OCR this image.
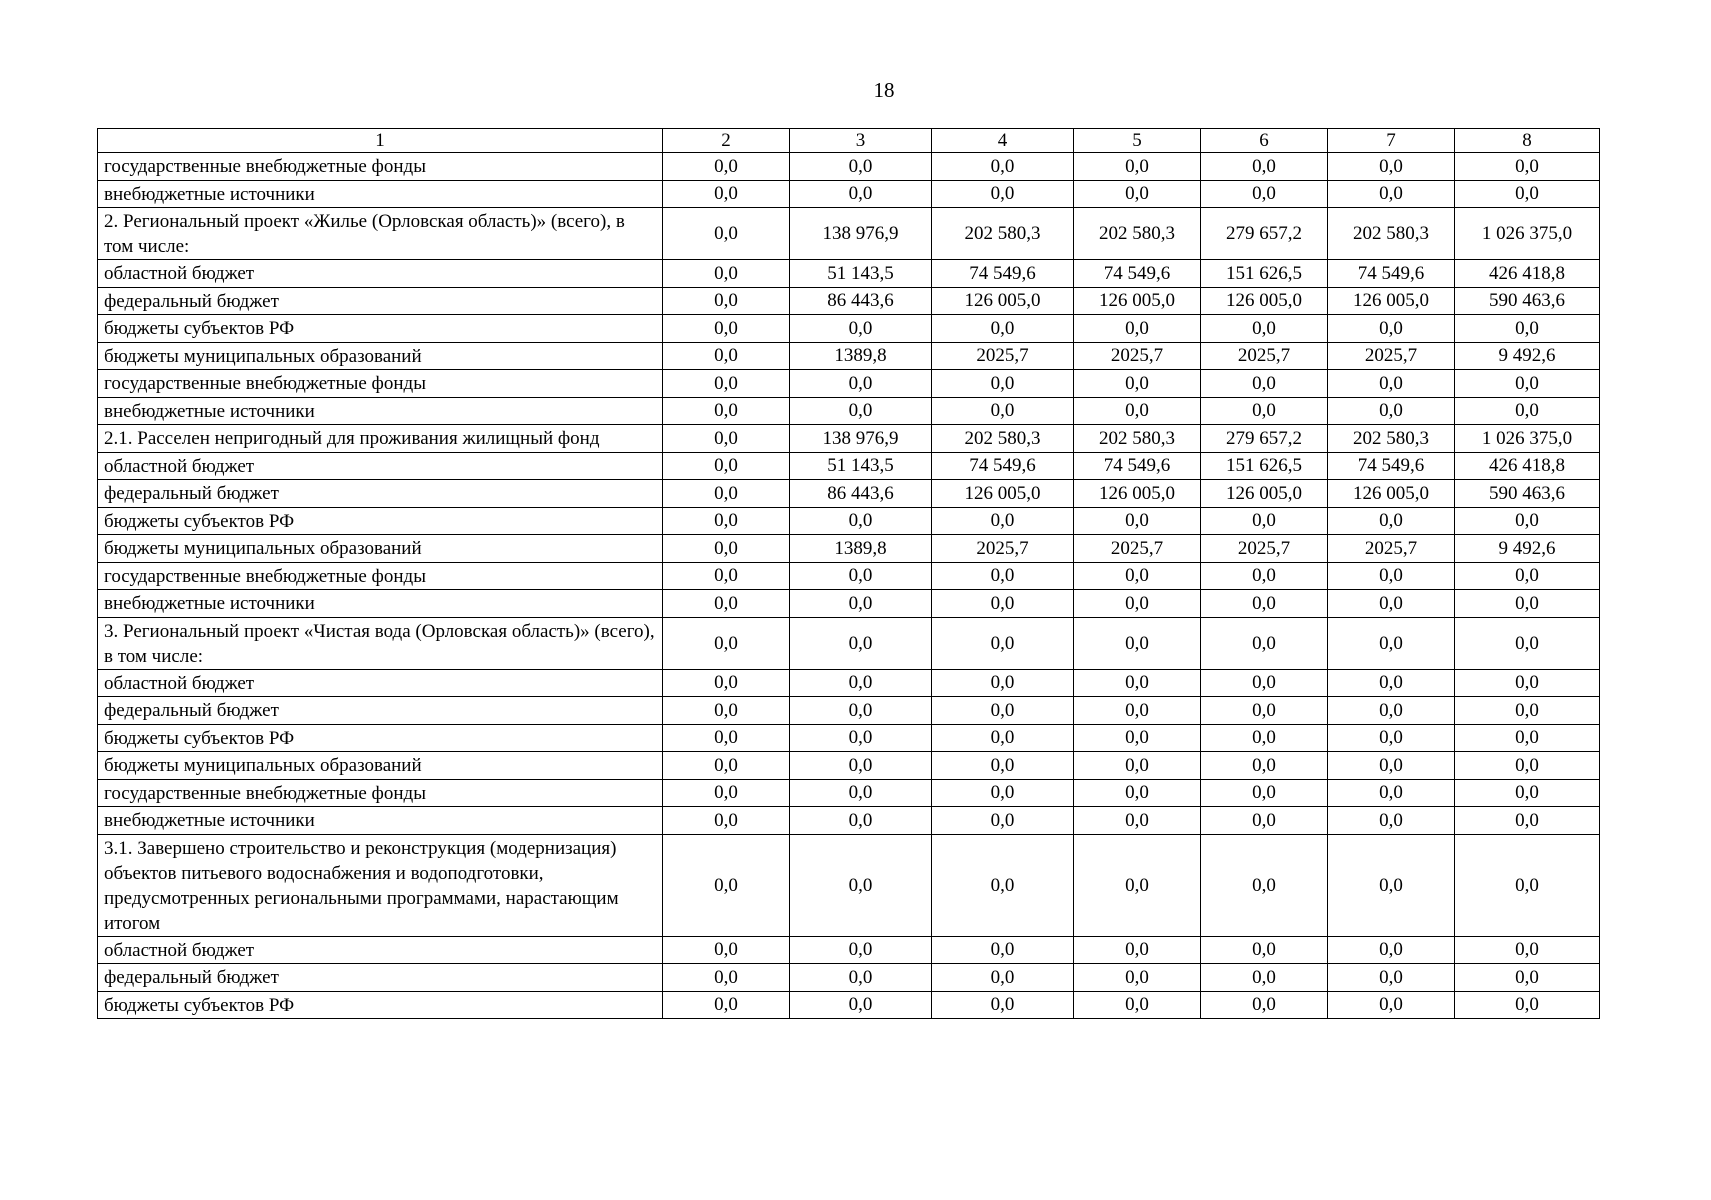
18
1	2	3	4	5	6	7	8
государственные внебюджетные фонды	0,0	0,0	0,0	0,0	0,0	0,0	0,0
внебюджетные источники	0,0	0,0	0,0	0,0	0,0	0,0	0,0
2. Региональный проект «Жилье (Орловская область)» (всего), в том числе:	0,0	138 976,9	202 580,3	202 580,3	279 657,2	202 580,3	1 026 375,0
областной бюджет	0,0	51 143,5	74 549,6	74 549,6	151 626,5	74 549,6	426 418,8
федеральный бюджет	0,0	86 443,6	126 005,0	126 005,0	126 005,0	126 005,0	590 463,6
бюджеты субъектов РФ	0,0	0,0	0,0	0,0	0,0	0,0	0,0
бюджеты муниципальных образований	0,0	1389,8	2025,7	2025,7	2025,7	2025,7	9 492,6
государственные внебюджетные фонды	0,0	0,0	0,0	0,0	0,0	0,0	0,0
внебюджетные источники	0,0	0,0	0,0	0,0	0,0	0,0	0,0
2.1. Расселен непригодный для проживания жилищный фонд	0,0	138 976,9	202 580,3	202 580,3	279 657,2	202 580,3	1 026 375,0
областной бюджет	0,0	51 143,5	74 549,6	74 549,6	151 626,5	74 549,6	426 418,8
федеральный бюджет	0,0	86 443,6	126 005,0	126 005,0	126 005,0	126 005,0	590 463,6
бюджеты субъектов РФ	0,0	0,0	0,0	0,0	0,0	0,0	0,0
бюджеты муниципальных образований	0,0	1389,8	2025,7	2025,7	2025,7	2025,7	9 492,6
государственные внебюджетные фонды	0,0	0,0	0,0	0,0	0,0	0,0	0,0
внебюджетные источники	0,0	0,0	0,0	0,0	0,0	0,0	0,0
3. Региональный проект «Чистая вода (Орловская область)» (всего), в том числе:	0,0	0,0	0,0	0,0	0,0	0,0	0,0
областной бюджет	0,0	0,0	0,0	0,0	0,0	0,0	0,0
федеральный бюджет	0,0	0,0	0,0	0,0	0,0	0,0	0,0
бюджеты субъектов РФ	0,0	0,0	0,0	0,0	0,0	0,0	0,0
бюджеты муниципальных образований	0,0	0,0	0,0	0,0	0,0	0,0	0,0
государственные внебюджетные фонды	0,0	0,0	0,0	0,0	0,0	0,0	0,0
внебюджетные источники	0,0	0,0	0,0	0,0	0,0	0,0	0,0
3.1. Завершено строительство и реконструкция (модернизация) объектов питьевого водоснабжения и водоподготовки, предусмотренных региональными программами, нарастающим итогом	0,0	0,0	0,0	0,0	0,0	0,0	0,0
областной бюджет	0,0	0,0	0,0	0,0	0,0	0,0	0,0
федеральный бюджет	0,0	0,0	0,0	0,0	0,0	0,0	0,0
бюджеты субъектов РФ	0,0	0,0	0,0	0,0	0,0	0,0	0,0
